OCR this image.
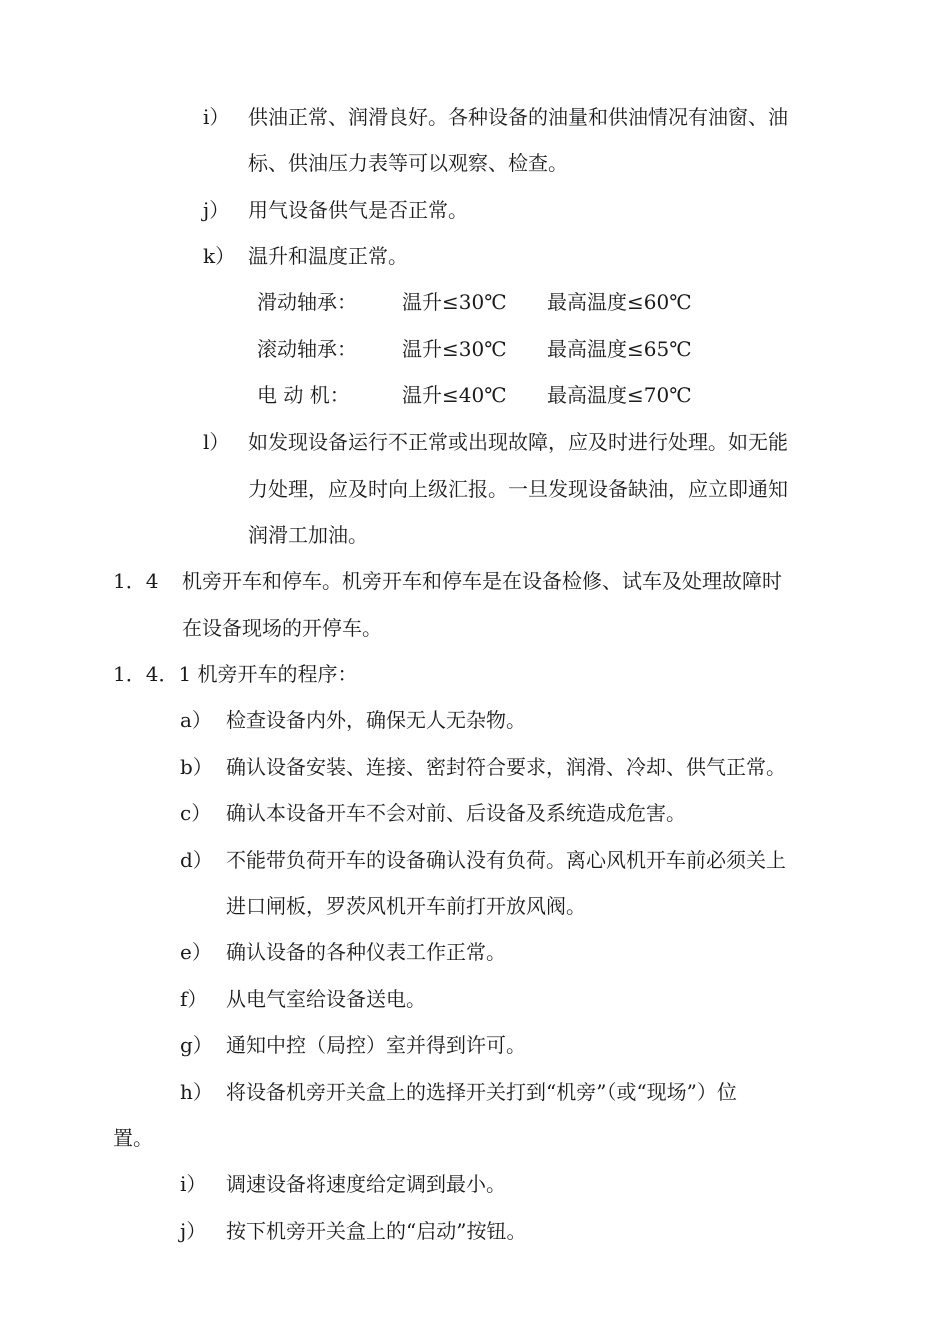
i） 供油正常、润滑良好。各种设备的油量和供油情况有油窗、油
标、供油压力表等可以观察、检查。
j） 用气设备供气是否正常。
k） 温升和温度正常。
滑动轴承： 温升≤30℃ 最高温度≤60℃
滚动轴承： 温升≤30℃ 最高温度≤65℃
电 动 机：	温升≤40℃ 最高温度≤70℃
l） 如发现设备运行不正常或出现故障，应及时进行处理。如无能
力处理，应及时向上级汇报。一旦发现设备缺油，应立即通知
润滑工加油。
1．4 机旁开车和停车。机旁开车和停车是在设备检修、试车及处理故障时
在设备现场的开停车。
1．4．1 机旁开车的程序：
a） 检查设备内外，确保无人无杂物。
b） 确认设备安装、连接、密封符合要求，润滑、冷却、供气正常。
c） 确认本设备开车不会对前、后设备及系统造成危害。
d） 不能带负荷开车的设备确认没有负荷。离心风机开车前必须关上
进口闸板，罗茨风机开车前打开放风阀。
e） 确认设备的各种仪表工作正常。
f） 从电气室给设备送电。
g） 通知中控（局控）室并得到许可。
h） 将设备机旁开关盒上的选择开关打到“机旁”（或“现场”）位
置。
i） 调速设备将速度给定调到最小。
j） 按下机旁开关盒上的“启动”按钮。
